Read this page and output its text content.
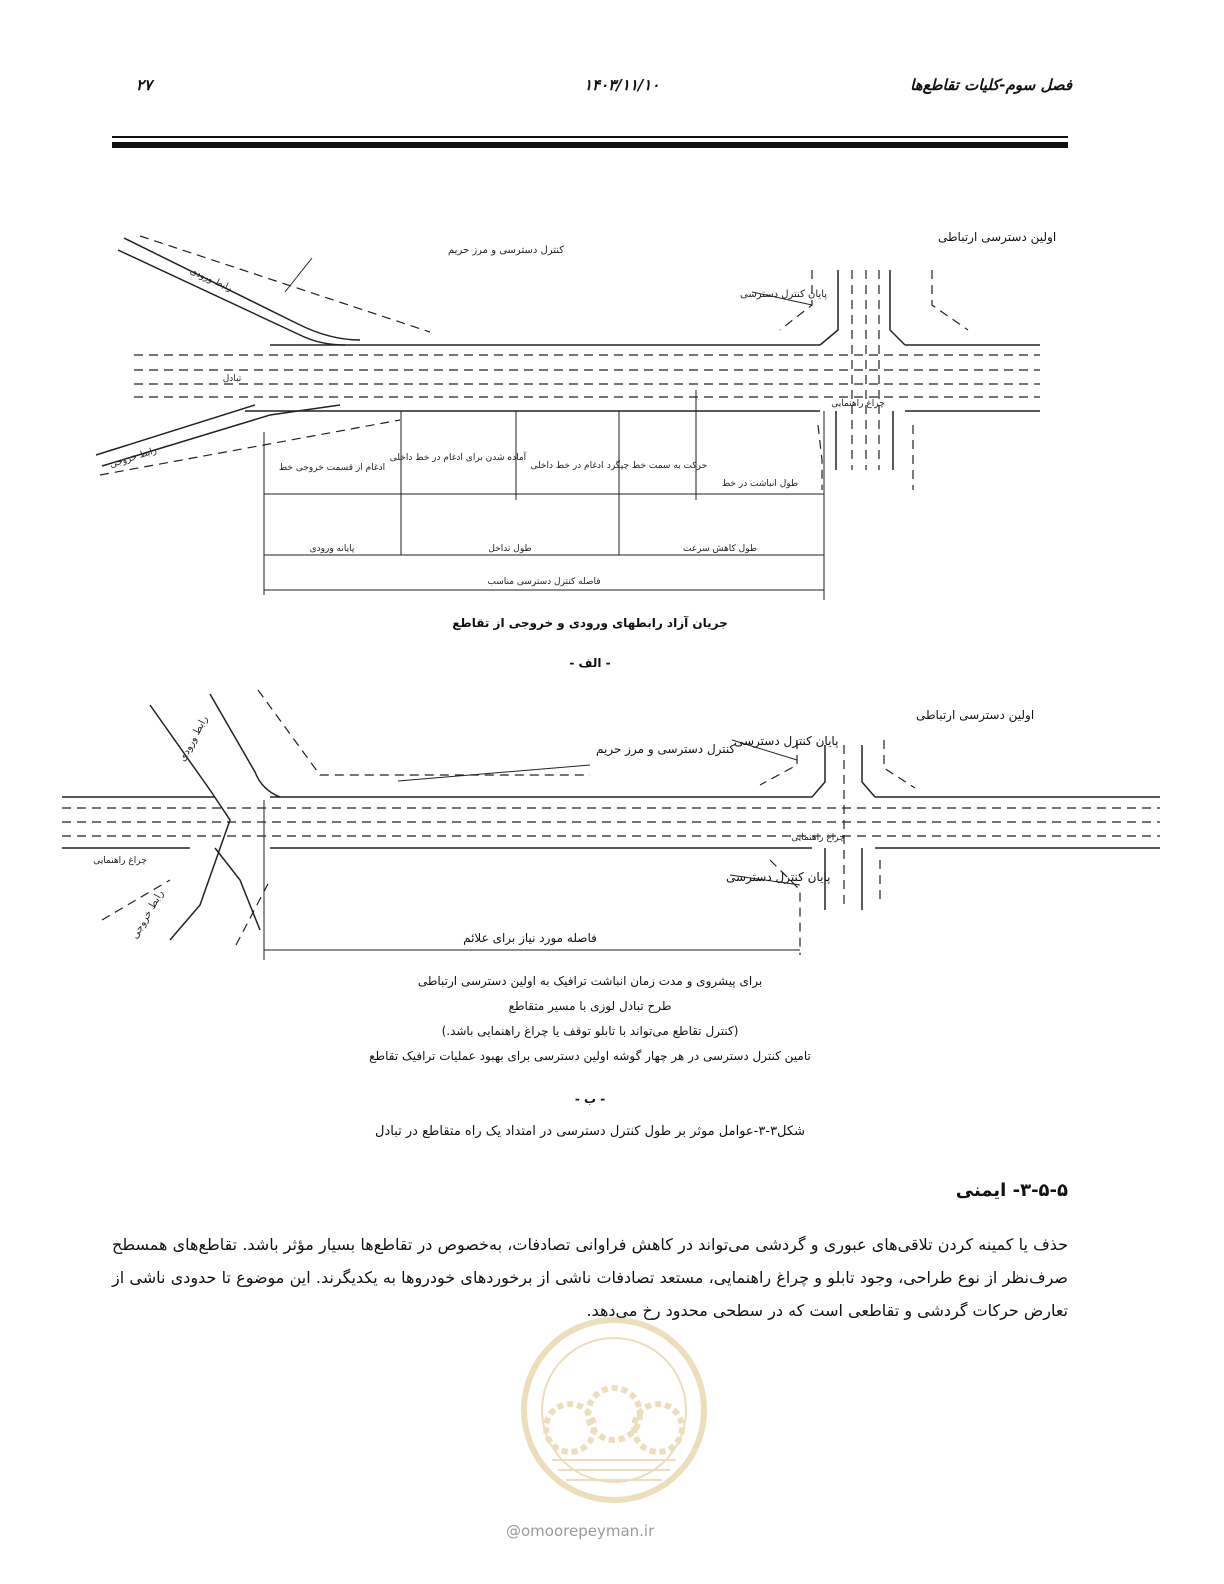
۲۷	۱۴۰۳/۱۱/۱۰	فصل سوم-کلیات تقاطع‌ها
اولین دسترسی ارتباطی
کنترل دسترسی و مرز حریم
پایان کنترل دسترسی
رابط ورودی
رابط خروجی
تبادل
چراغ راهنمایی
ادغام از قسمت خروجی خط
آماده شدن برای ادغام در خط داخلی
ادغام در خط داخلی حرکت به سمت خط چپگرد
طول انباشت در خط
پایانه ورودی	طول تداخل	طول کاهش سرعت
فاصله کنترل دسترسی مناسب
جریان آزاد رابطهای ورودی و خروجی از تقاطع
- الف -
اولین دسترسی ارتباطی
پایان کنترل دسترسی
کنترل دسترسی و مرز حریم
رابط ورودی
رابط خروجی
چراغ راهنمایی
چراغ راهنمایی
پایان کنترل دسترسی
فاصله مورد نیاز برای علائم
برای پیشروی و مدت زمان انباشت ترافیک به اولین دسترسی ارتباطی
طرح تبادل لوزی با مسیر متقاطع
(کنترل تقاطع می‌تواند با تابلو توقف یا چراغ راهنمایی باشد.)
تامین کنترل دسترسی در هر چهار گوشه اولین دسترسی برای بهبود عملیات ترافیک تقاطع
- ب -
شکل۳-۳-عوامل موثر بر طول کنترل دسترسی در امتداد یک راه متقاطع در تبادل
۳-۵-۵- ایمنی
حذف یا کمینه کردن تلاقی‌های عبوری و گردشی می‌تواند در کاهش فراوانی تصادفات، به‌خصوص در تقاطع‌ها بسیار مؤثر باشد. تقاطع‌های همسطح صرف‌نظر از نوع طراحی، وجود تابلو و چراغ راهنمایی، مستعد تصادفات ناشی از برخوردهای خودروها به یکدیگرند. این موضوع تا حدودی ناشی از تعارض حرکات گردشی و تقاطعی است که در سطحی محدود رخ می‌دهد.
@omoorepeyman.ir
